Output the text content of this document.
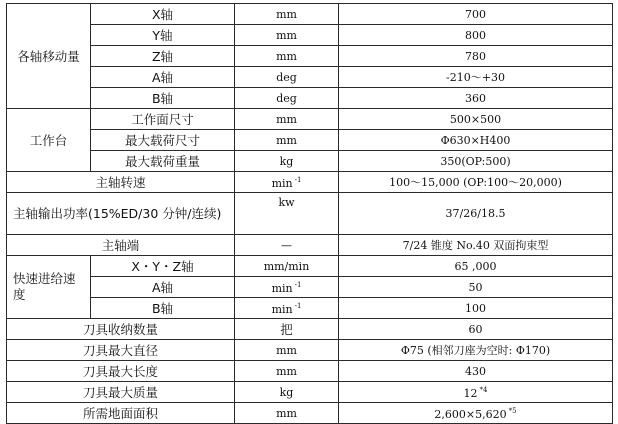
各轴移动量	X轴	mm	700
	Y轴	mm	800
	Z轴	mm	780
	A轴	deg	-210～+30
	B轴	deg	360
工作台	工作面尺寸	mm	500×500
	最大载荷尺寸	mm	Φ630×H400
	最大载荷重量	kg	350(OP:500)
主轴转速		min $^{-1}$	100～15,000 (OP:100～20,000)
主轴输出功率(15%ED/30 分钟/连续)		kw	37/26/18.5
主轴端		—	7/24 锥度 No.40 双面拘束型
快速进给速度	X・Y・Z轴	mm/min	65 ,000
	A轴	min $^{-1}$	50
	B轴	min $^{-1}$	100
刀具收纳数量		把	60
刀具最大直径		mm	Φ75 (相邻刀座为空时: Φ170)
刀具最大长度		mm	430
刀具最大质量		kg	12 $^{*4}$
所需地面面积		mm	2,600×5,620 $^{*5}$
